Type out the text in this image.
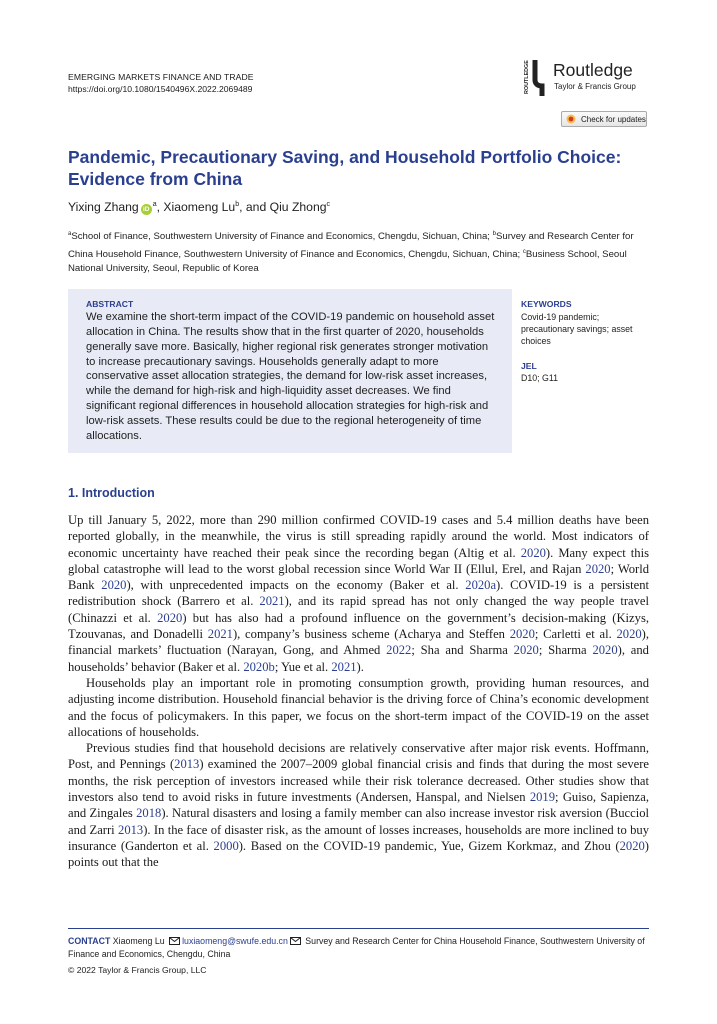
EMERGING MARKETS FINANCE AND TRADE
https://doi.org/10.1080/1540496X.2022.2069489	ROUTLEDGE Routledge
Taylor & Francis Group
Check for updates
Pandemic, Precautionary Saving, and Household Portfolio Choice:
Evidence from China
Yixing Zhang $iD^a$, Xiaomeng Lu$^b$, and Qiu Zhong$^c$
$^a$School of Finance, Southwestern University of Finance and Economics, Chengdu, Sichuan, China; $^b$Survey and Research Center for China Household Finance, Southwestern University of Finance and Economics, Chengdu, Sichuan, China; $^c$Business School, Seoul National University, Seoul, Republic of Korea
ABSTRACT
We examine the short-term impact of the COVID-19 pandemic on household asset allocation in China. The results show that in the first quarter of 2020, households generally save more. Basically, higher regional risk generates stronger motivation to increase precautionary savings. Households generally adapt to more conservative asset allocation strategies, the demand for low-risk asset increases, while the demand for high-risk and high-liquidity asset decreases. We find significant regional differences in household allocation strategies for high-risk and low-risk assets. These results could be due to the regional heterogeneity of time allocations.
KEYWORDS
Covid-19 pandemic; precautionary savings; asset choices
JEL
D10; G11
1. Introduction

Up till January 5, 2022, more than 290 million confirmed COVID-19 cases and 5.4 million deaths have been reported globally, in the meanwhile, the virus is still spreading rapidly around the world. Most indicators of economic uncertainty have reached their peak since the recording began (Altig et al. 2020). Many expect this global catastrophe will lead to the worst global recession since World War II (Ellul, Erel, and Rajan 2020; World Bank 2020), with unprecedented impacts on the economy (Baker et al. 2020a). COVID-19 is a persistent redistribution shock (Barrero et al. 2021), and its rapid spread has not only changed the way people travel (Chinazzi et al. 2020) but has also had a profound influence on the government’s decision-making (Kizys, Tzouvanas, and Donadelli 2021), company’s business scheme (Acharya and Steffen 2020; Carletti et al. 2020), financial markets’ fluctuation (Narayan, Gong, and Ahmed 2022; Sha and Sharma 2020; Sharma 2020), and households’ behavior (Baker et al. 2020b; Yue et al. 2021).

Households play an important role in promoting consumption growth, providing human resources, and adjusting income distribution. Household financial behavior is the driving force of China’s economic development and the focus of policymakers. In this paper, we focus on the short-term impact of the COVID-19 on the asset allocations of households.

Previous studies find that household decisions are relatively conservative after major risk events. Hoffmann, Post, and Pennings (2013) examined the 2007–2009 global financial crisis and finds that during the most severe months, the risk perception of investors increased while their risk tolerance decreased. Other studies show that investors also tend to avoid risks in future investments (Andersen, Hanspal, and Nielsen 2019; Guiso, Sapienza, and Zingales 2018). Natural disasters and losing a family member can also increase investor risk aversion (Bucciol and Zarri 2013). In the face of disaster risk, as the amount of losses increases, households are more inclined to buy insurance (Ganderton et al. 2000). Based on the COVID-19 pandemic, Yue, Gizem Korkmaz, and Zhou (2020) points out that the

CONTACT Xiaomeng Lu luxiaomeng@swufe.edu.cn Survey and Research Center for China Household Finance, Southwestern University of Finance and Economics, Chengdu, China
© 2022 Taylor & Francis Group, LLC
